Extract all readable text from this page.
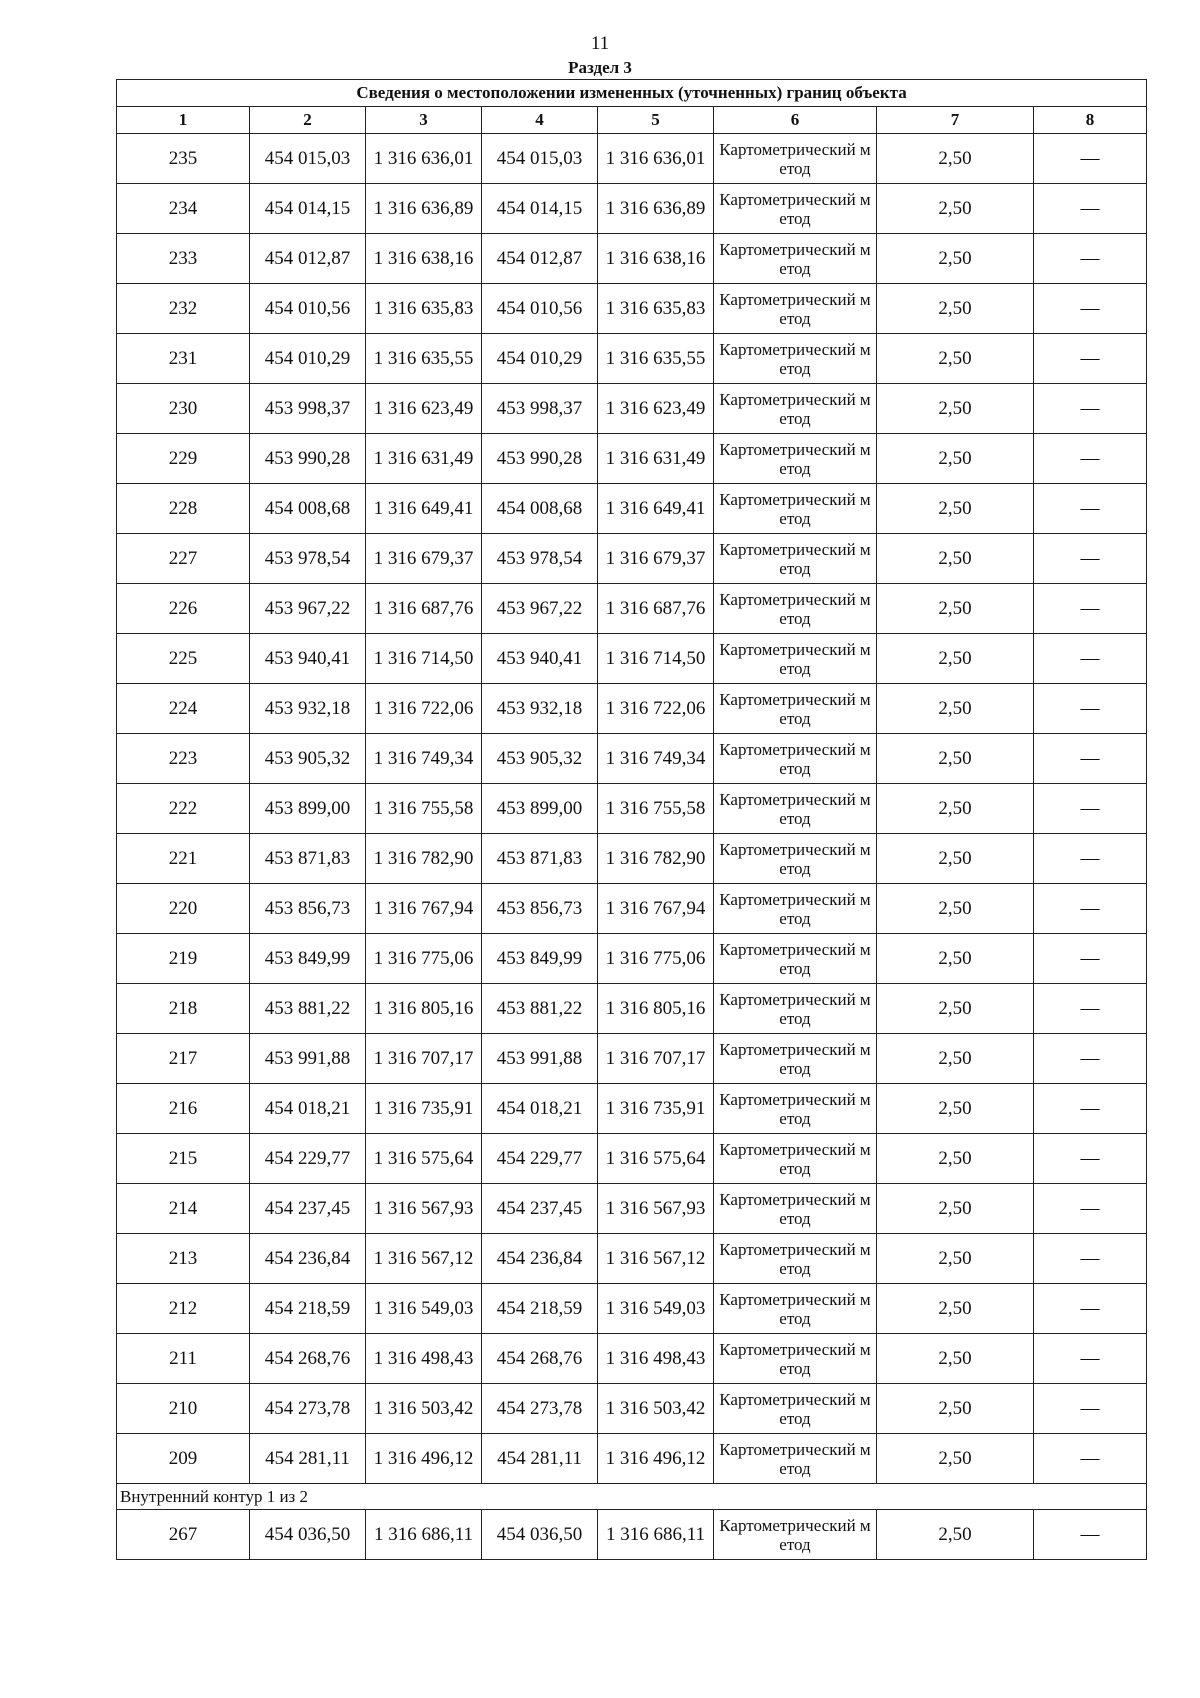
11
Раздел 3
Сведения о местоположении измененных (уточненных) границ объекта							
1	2	3	4	5	6	7	8
235	454 015,03	1 316 636,01	454 015,03	1 316 636,01	Картометрический метод	2,50	—
234	454 014,15	1 316 636,89	454 014,15	1 316 636,89	Картометрический метод	2,50	—
233	454 012,87	1 316 638,16	454 012,87	1 316 638,16	Картометрический метод	2,50	—
232	454 010,56	1 316 635,83	454 010,56	1 316 635,83	Картометрический метод	2,50	—
231	454 010,29	1 316 635,55	454 010,29	1 316 635,55	Картометрический метод	2,50	—
230	453 998,37	1 316 623,49	453 998,37	1 316 623,49	Картометрический метод	2,50	—
229	453 990,28	1 316 631,49	453 990,28	1 316 631,49	Картометрический метод	2,50	—
228	454 008,68	1 316 649,41	454 008,68	1 316 649,41	Картометрический метод	2,50	—
227	453 978,54	1 316 679,37	453 978,54	1 316 679,37	Картометрический метод	2,50	—
226	453 967,22	1 316 687,76	453 967,22	1 316 687,76	Картометрический метод	2,50	—
225	453 940,41	1 316 714,50	453 940,41	1 316 714,50	Картометрический метод	2,50	—
224	453 932,18	1 316 722,06	453 932,18	1 316 722,06	Картометрический метод	2,50	—
223	453 905,32	1 316 749,34	453 905,32	1 316 749,34	Картометрический метод	2,50	—
222	453 899,00	1 316 755,58	453 899,00	1 316 755,58	Картометрический метод	2,50	—
221	453 871,83	1 316 782,90	453 871,83	1 316 782,90	Картометрический метод	2,50	—
220	453 856,73	1 316 767,94	453 856,73	1 316 767,94	Картометрический метод	2,50	—
219	453 849,99	1 316 775,06	453 849,99	1 316 775,06	Картометрический метод	2,50	—
218	453 881,22	1 316 805,16	453 881,22	1 316 805,16	Картометрический метод	2,50	—
217	453 991,88	1 316 707,17	453 991,88	1 316 707,17	Картометрический метод	2,50	—
216	454 018,21	1 316 735,91	454 018,21	1 316 735,91	Картометрический метод	2,50	—
215	454 229,77	1 316 575,64	454 229,77	1 316 575,64	Картометрический метод	2,50	—
214	454 237,45	1 316 567,93	454 237,45	1 316 567,93	Картометрический метод	2,50	—
213	454 236,84	1 316 567,12	454 236,84	1 316 567,12	Картометрический метод	2,50	—
212	454 218,59	1 316 549,03	454 218,59	1 316 549,03	Картометрический метод	2,50	—
211	454 268,76	1 316 498,43	454 268,76	1 316 498,43	Картометрический метод	2,50	—
210	454 273,78	1 316 503,42	454 273,78	1 316 503,42	Картометрический метод	2,50	—
209	454 281,11	1 316 496,12	454 281,11	1 316 496,12	Картометрический метод	2,50	—
Внутренний контур 1 из 2							
267	454 036,50	1 316 686,11	454 036,50	1 316 686,11	Картометрический метод	2,50	—
